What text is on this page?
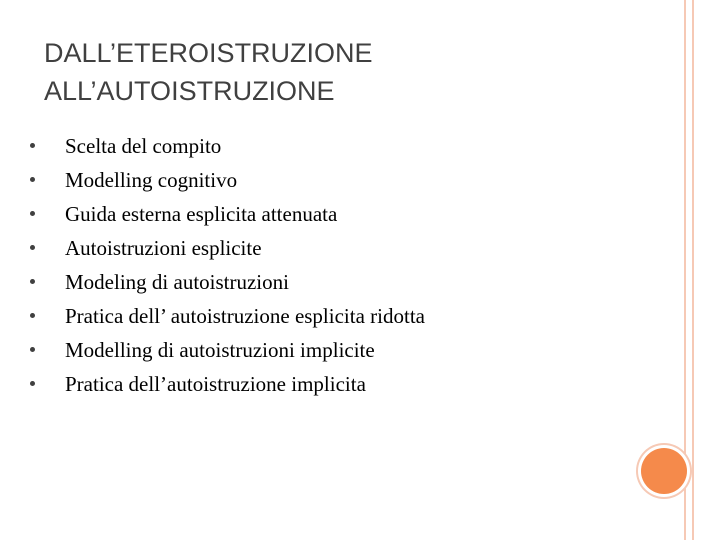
DALL’ETEROISTRUZIONE
ALL’AUTOISTRUZIONE
Scelta del compito
Modelling cognitivo
Guida esterna esplicita attenuata
Autoistruzioni esplicite
Modeling di autoistruzioni
Pratica dell’ autoistruzione esplicita ridotta
Modelling di autoistruzioni implicite
Pratica dell’autoistruzione implicita
